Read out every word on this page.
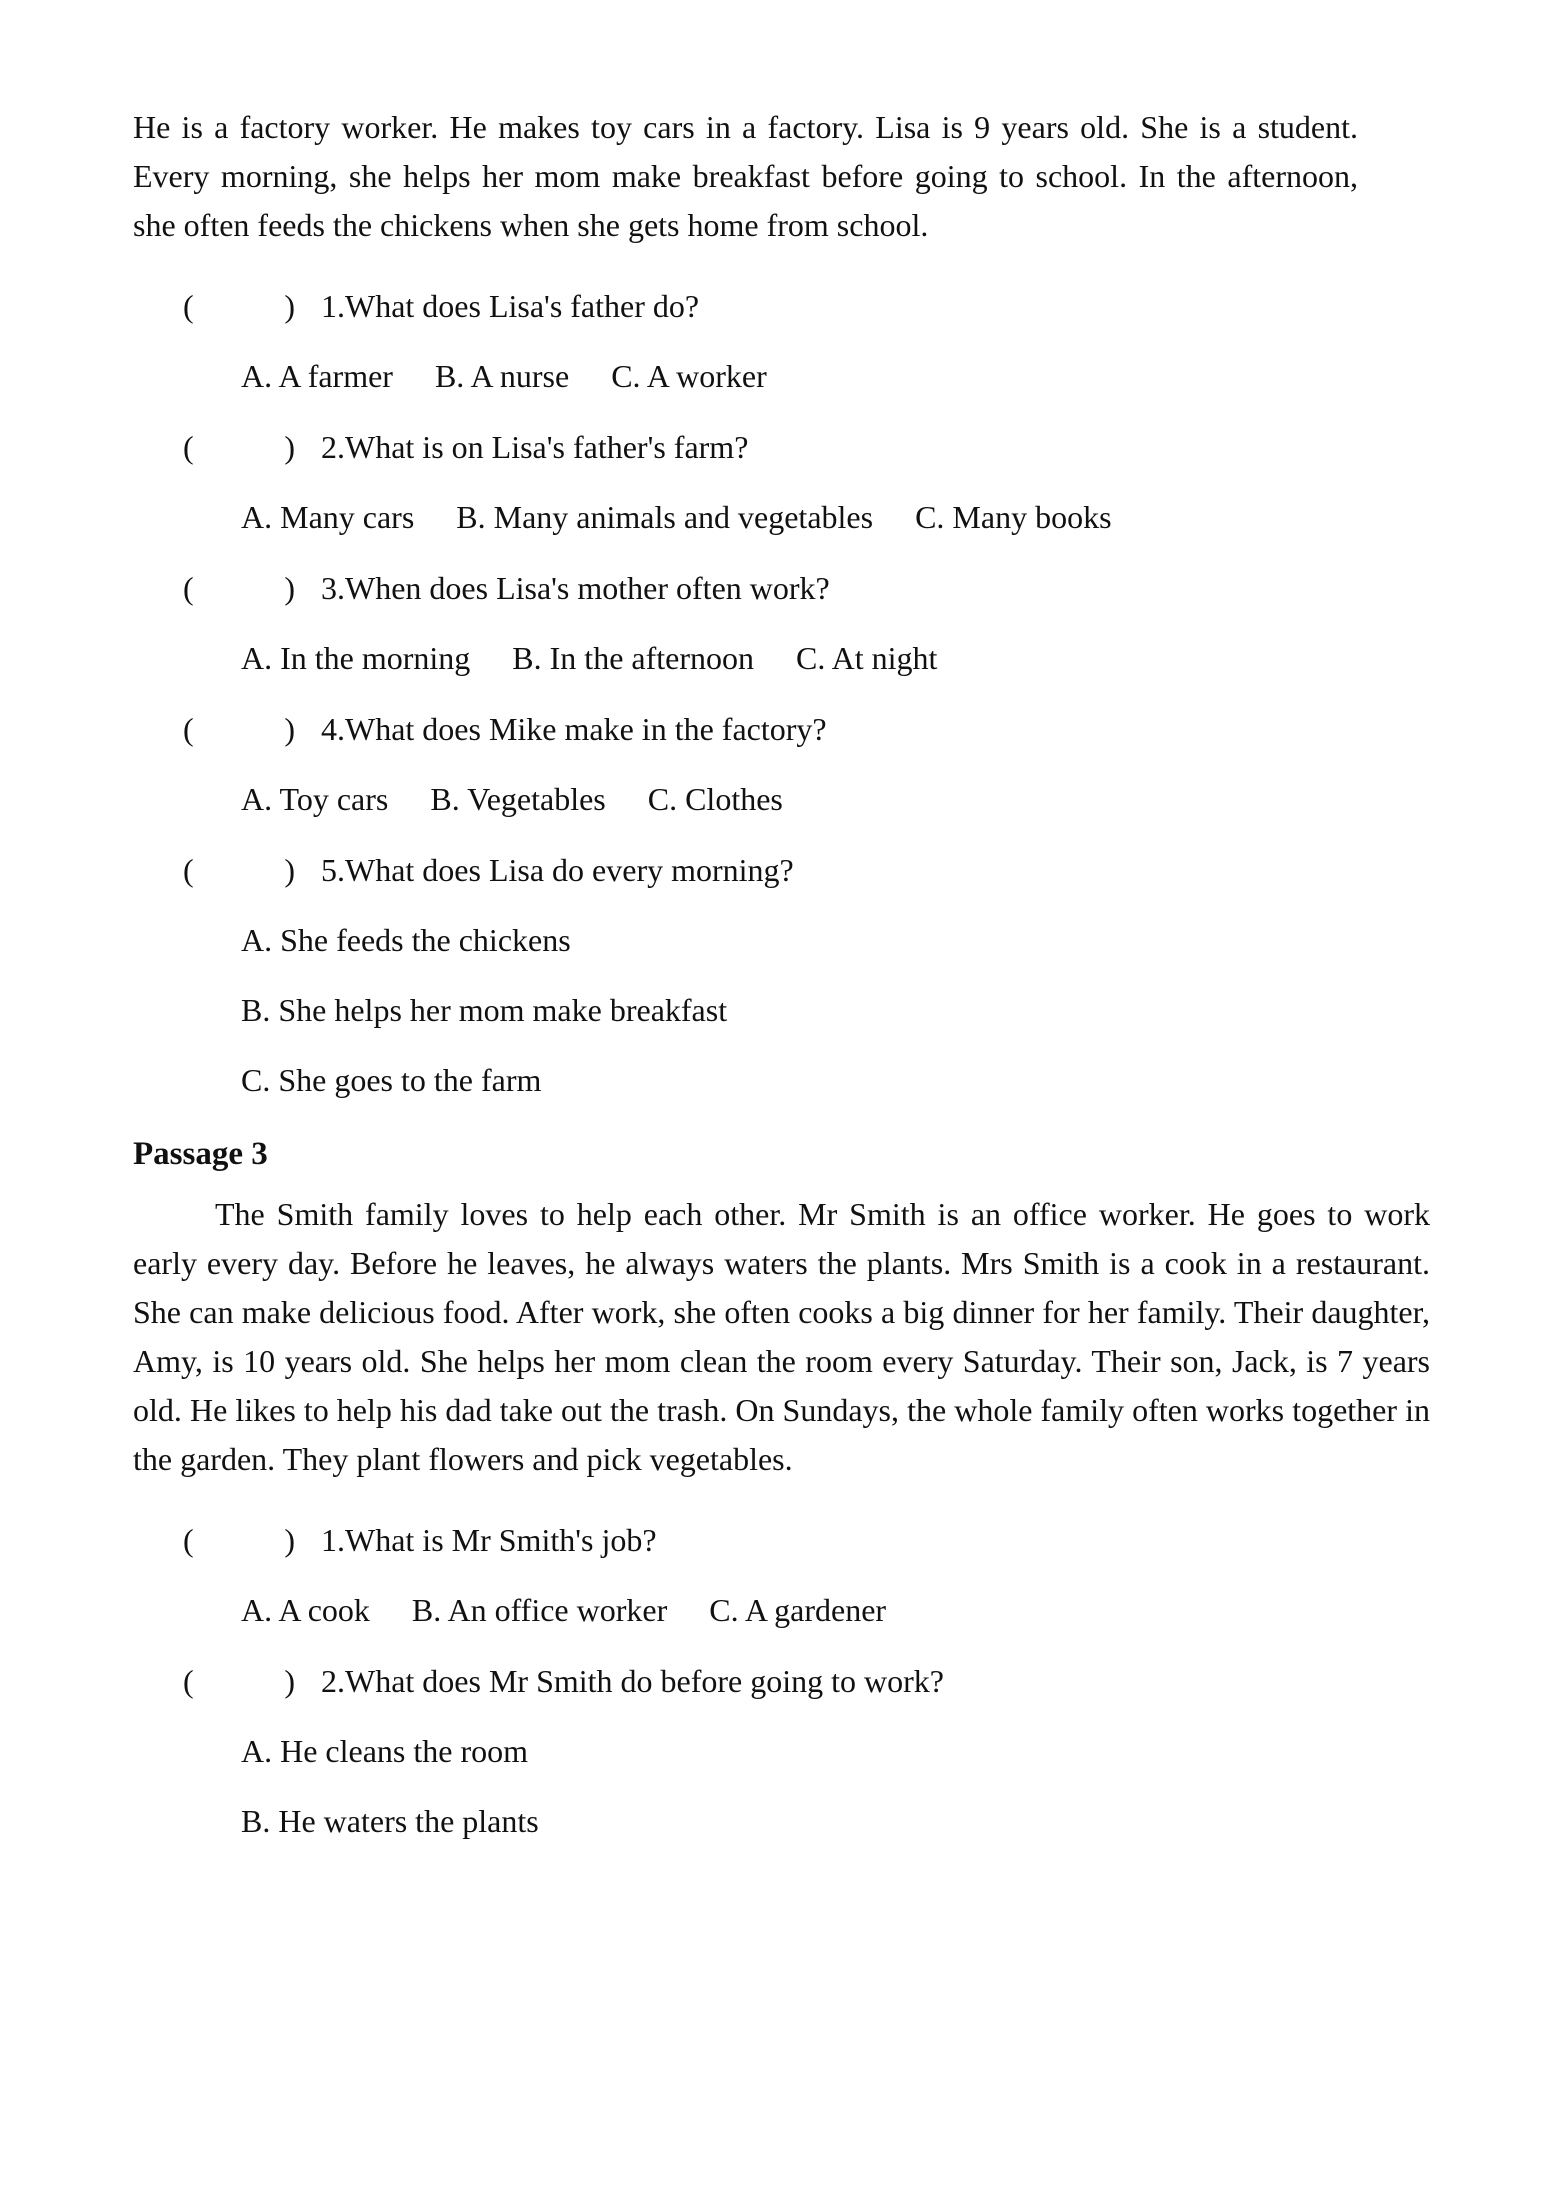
He is a factory worker. He makes toy cars in a factory. Lisa is 9 years old. She is a student. Every morning, she helps her mom make breakfast before going to school. In the afternoon, she often feeds the chickens when she gets home from school.

(	) 1.What does Lisa's father do?
A. A farmer B. A nurse C. A worker
(	) 2.What is on Lisa's father's farm?
A. Many cars B. Many animals and vegetables C. Many books
(	) 3.When does Lisa's mother often work?
A. In the morning B. In the afternoon C. At night
(	) 4.What does Mike make in the factory?
A. Toy cars B. Vegetables C. Clothes
(	) 5.What does Lisa do every morning?
A. She feeds the chickens
B. She helps her mom make breakfast
C. She goes to the farm
Passage 3

The Smith family loves to help each other. Mr Smith is an office worker. He goes to work early every day. Before he leaves, he always waters the plants. Mrs Smith is a cook in a restaurant. She can make delicious food. After work, she often cooks a big dinner for her family. Their daughter, Amy, is 10 years old. She helps her mom clean the room every Saturday. Their son, Jack, is 7 years old. He likes to help his dad take out the trash. On Sundays, the whole family often works together in the garden. They plant flowers and pick vegetables.

(	) 1.What is Mr Smith's job?
A. A cook B. An office worker C. A gardener
(	) 2.What does Mr Smith do before going to work?
A. He cleans the room
B. He waters the plants
